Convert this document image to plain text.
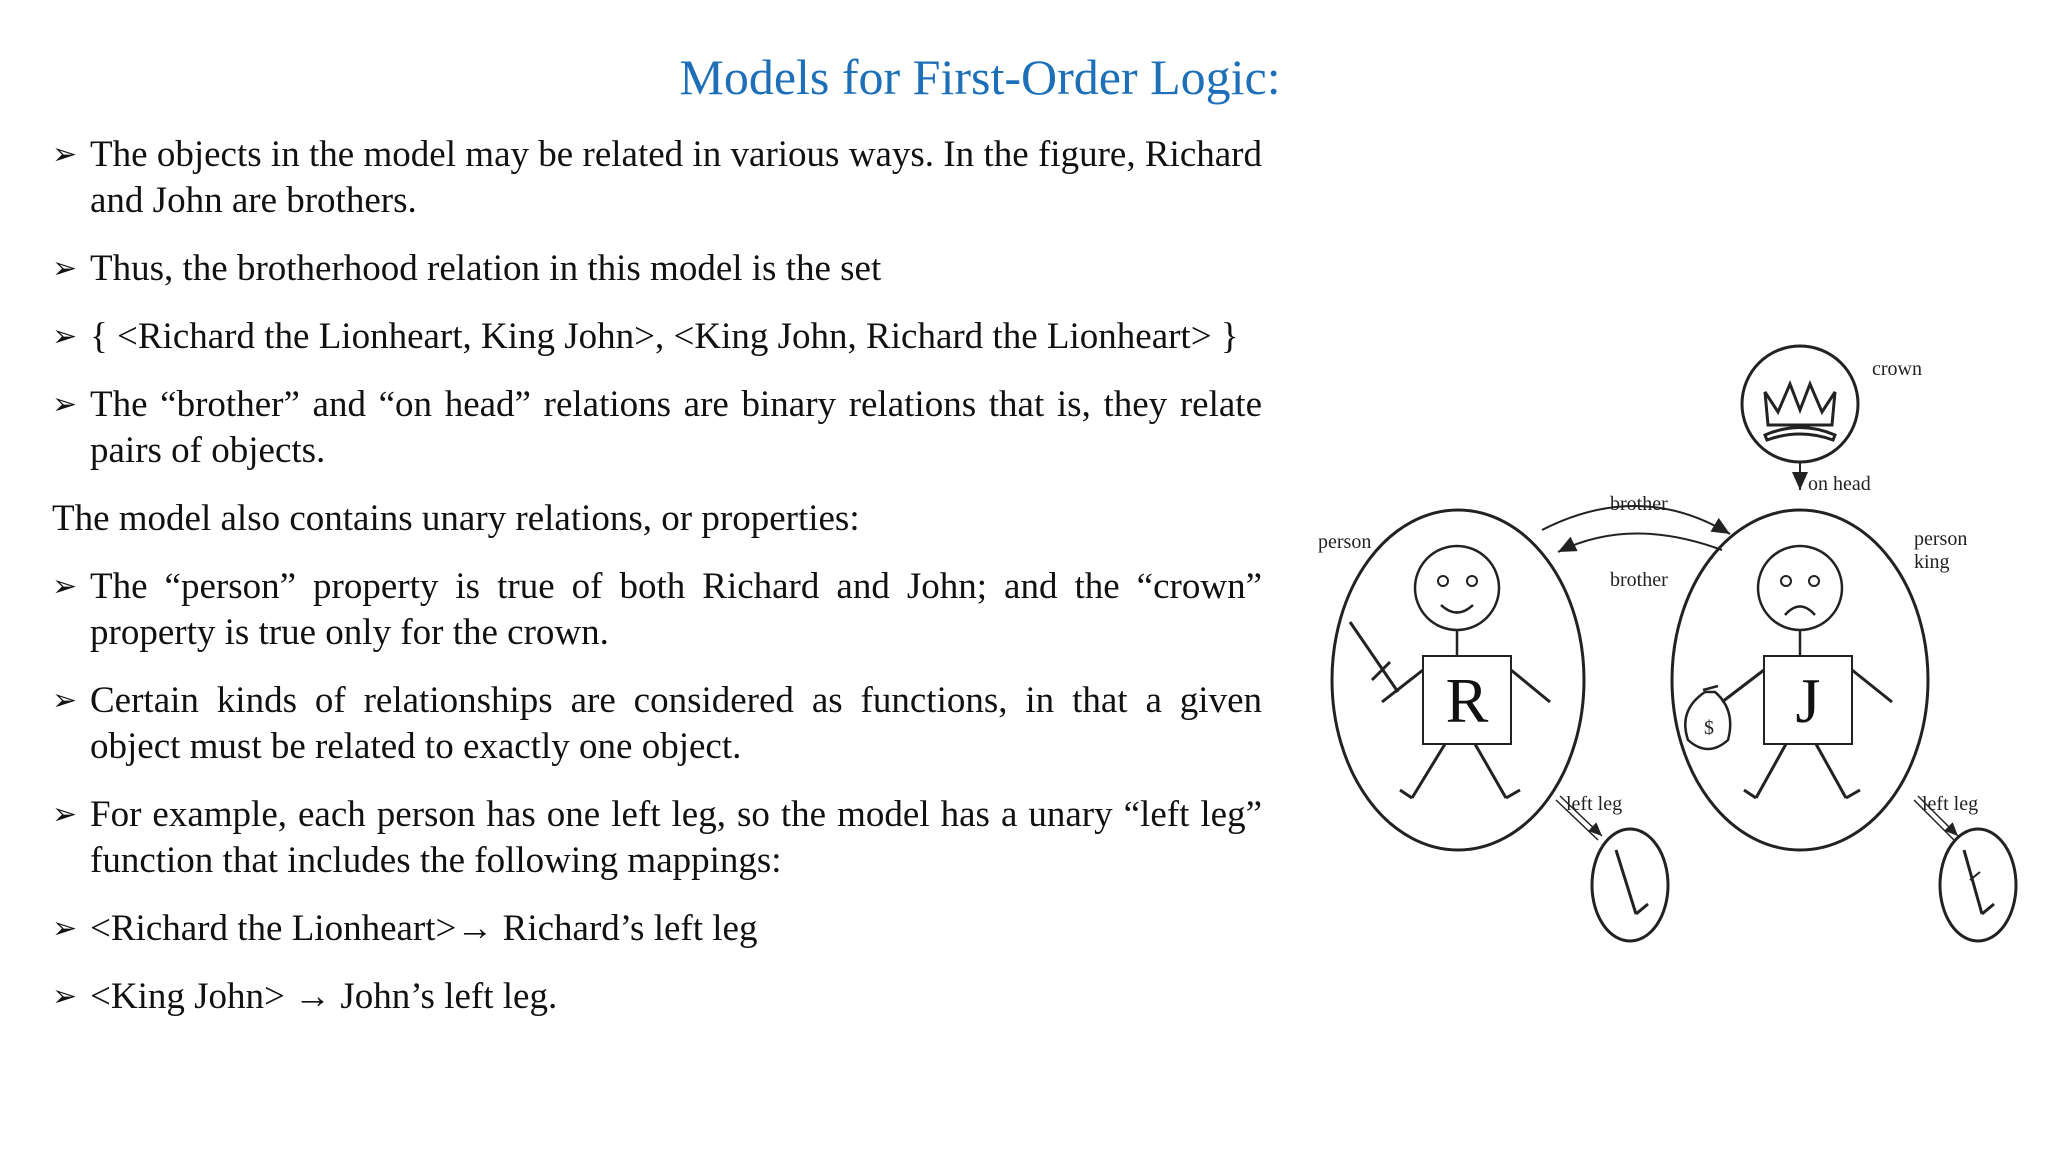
Models for First-Order Logic:
➢ The objects in the model may be related in various ways. In the figure, Richard and John are brothers.
➢ Thus, the brotherhood relation in this model is the set
➢ { <Richard the Lionheart, King John>, <King John, Richard the Lionheart> }
➢ The “brother” and “on head” relations are binary relations that is, they relate pairs of objects.
The model also contains unary relations, or properties:
➢ The “person” property is true of both Richard and John; and the “crown” property is true only for the crown.
➢ Certain kinds of relationships are considered as functions, in that a given object must be related to exactly one object.
➢ For example, each person has one left leg, so the model has a unary “left leg” function that includes the following mappings:
➢ <Richard the Lionheart>→ Richard’s left leg
➢ <King John> → John’s left leg.
crown
on head
R
person
J
$
person
king
brother
brother
left leg	left leg
